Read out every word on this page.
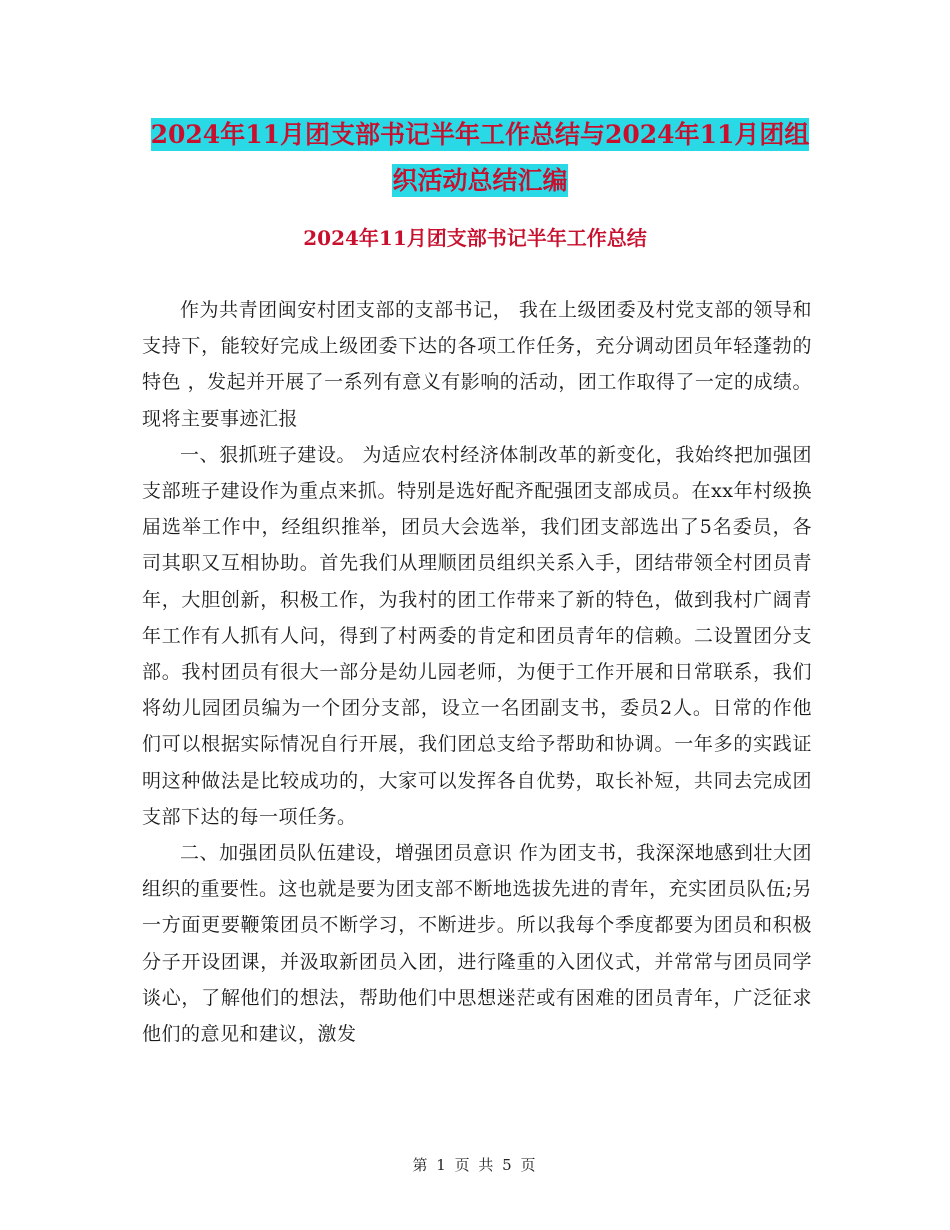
2024年11月团支部书记半年工作总结与2024年11月团组织活动总结汇编
2024年11月团支部书记半年工作总结

作为共青团闽安村团支部的支部书记， 我在上级团委及村党支部的领导和支持下，能较好完成上级团委下达的各项工作任务，充分调动团员年轻蓬勃的特色 ，发起并开展了一系列有意义有影响的活动，团工作取得了一定的成绩。现将主要事迹汇报

一、狠抓班子建设。 为适应农村经济体制改革的新变化，我始终把加强团支部班子建设作为重点来抓。特别是选好配齐配强团支部成员。在xx年村级换届选举工作中，经组织推举，团员大会选举，我们团支部选出了5名委员，各司其职又互相协助。首先我们从理顺团员组织关系入手，团结带领全村团员青年，大胆创新，积极工作，为我村的团工作带来了新的特色，做到我村广阔青年工作有人抓有人问，得到了村两委的肯定和团员青年的信赖。二设置团分支部。我村团员有很大一部分是幼儿园老师，为便于工作开展和日常联系，我们将幼儿园团员编为一个团分支部，设立一名团副支书，委员2人。日常的作他们可以根据实际情况自行开展，我们团总支给予帮助和协调。一年多的实践证明这种做法是比较成功的，大家可以发挥各自优势，取长补短，共同去完成团支部下达的每一项任务。

二、加强团员队伍建设，增强团员意识 作为团支书，我深深地感到壮大团组织的重要性。这也就是要为团支部不断地选拔先进的青年，充实团员队伍;另一方面更要鞭策团员不断学习，不断进步。所以我每个季度都要为团员和积极分子开设团课，并汲取新团员入团，进行隆重的入团仪式，并常常与团员同学谈心，了解他们的想法，帮助他们中思想迷茫或有困难的团员青年，广泛征求他们的意见和建议，激发

第 1 页 共 5 页
